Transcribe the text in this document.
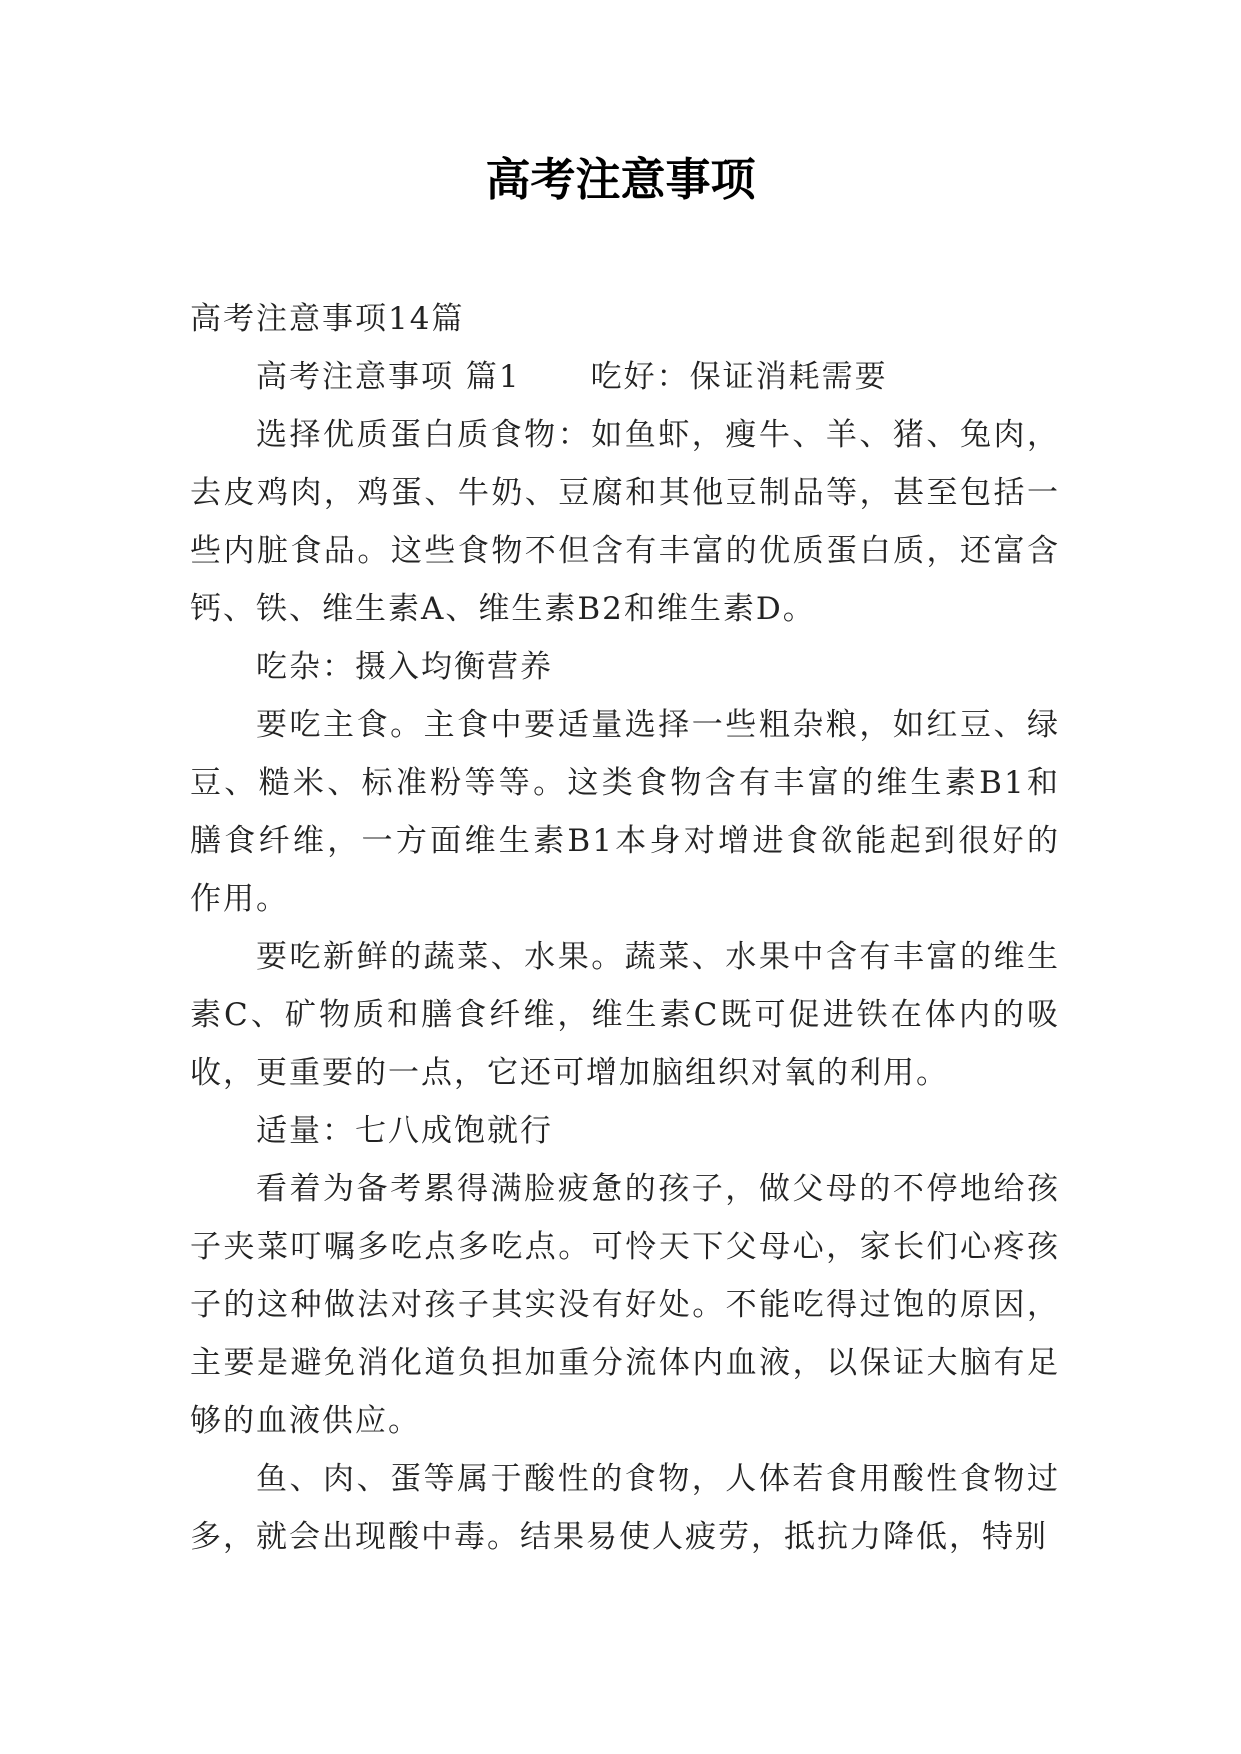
高考注意事项

高考注意事项14篇

高考注意事项 篇1 吃好：保证消耗需要

选择优质蛋白质食物：如鱼虾，瘦牛、羊、猪、兔肉，去皮鸡肉，鸡蛋、牛奶、豆腐和其他豆制品等，甚至包括一些内脏食品。这些食物不但含有丰富的优质蛋白质，还富含钙、铁、维生素A、维生素B2和维生素D。

吃杂：摄入均衡营养

要吃主食。主食中要适量选择一些粗杂粮，如红豆、绿豆、糙米、标准粉等等。这类食物含有丰富的维生素B1和膳食纤维，一方面维生素B1本身对增进食欲能起到很好的作用。

要吃新鲜的蔬菜、水果。蔬菜、水果中含有丰富的维生素C、矿物质和膳食纤维，维生素C既可促进铁在体内的吸收，更重要的一点，它还可增加脑组织对氧的利用。

适量：七八成饱就行

看着为备考累得满脸疲惫的孩子，做父母的不停地给孩子夹菜叮嘱多吃点多吃点。可怜天下父母心，家长们心疼孩子的这种做法对孩子其实没有好处。不能吃得过饱的原因，主要是避免消化道负担加重分流体内血液，以保证大脑有足够的血液供应。

鱼、肉、蛋等属于酸性的食物，人体若食用酸性食物过多，就会出现酸中毒。结果易使人疲劳，抵抗力降低，特别
